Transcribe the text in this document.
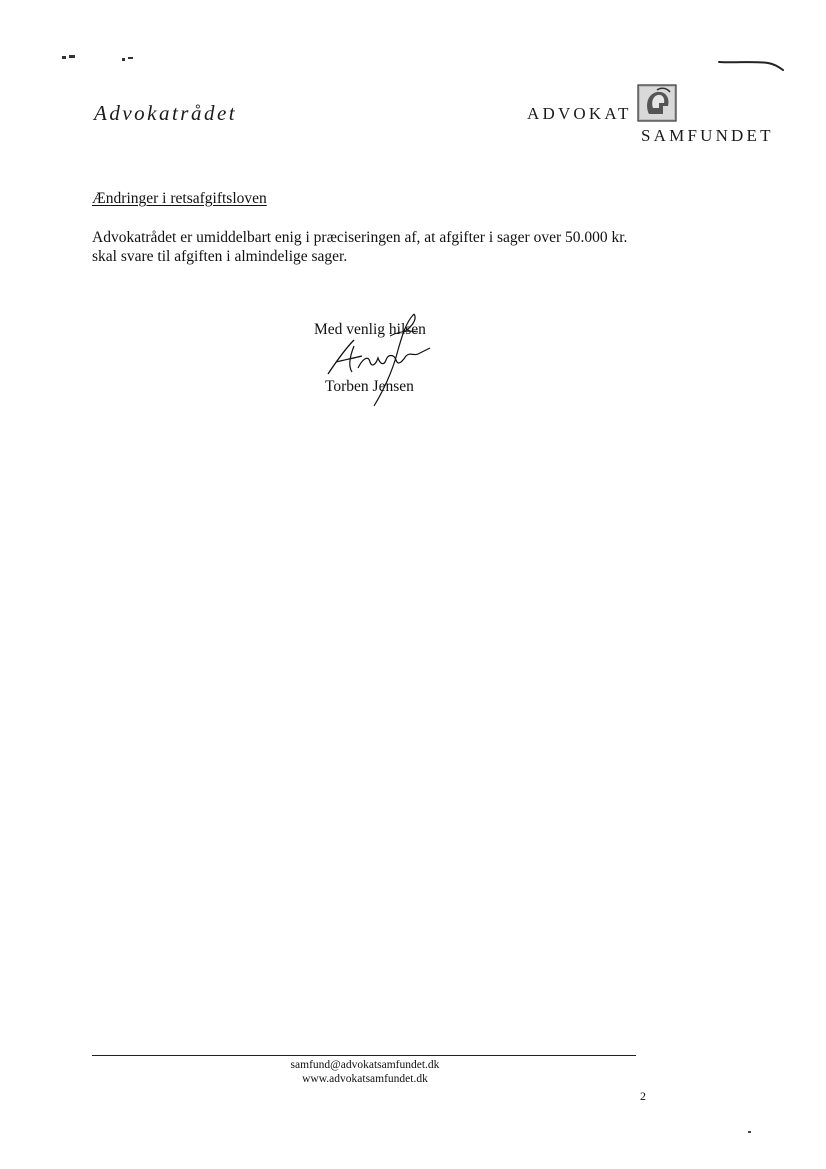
Advokatrådet	ADVOKAT
SAMFUNDET
Ændringer i retsafgiftsloven

Advokatrådet er umiddelbart enig i præciseringen af, at afgifter i sager over 50.000 kr.

skal svare til afgiften i almindelige sager.

Med venlig hilsen
Torben Jensen
samfund@advokatsamfundet.dk
www.advokatsamfundet.dk
2
